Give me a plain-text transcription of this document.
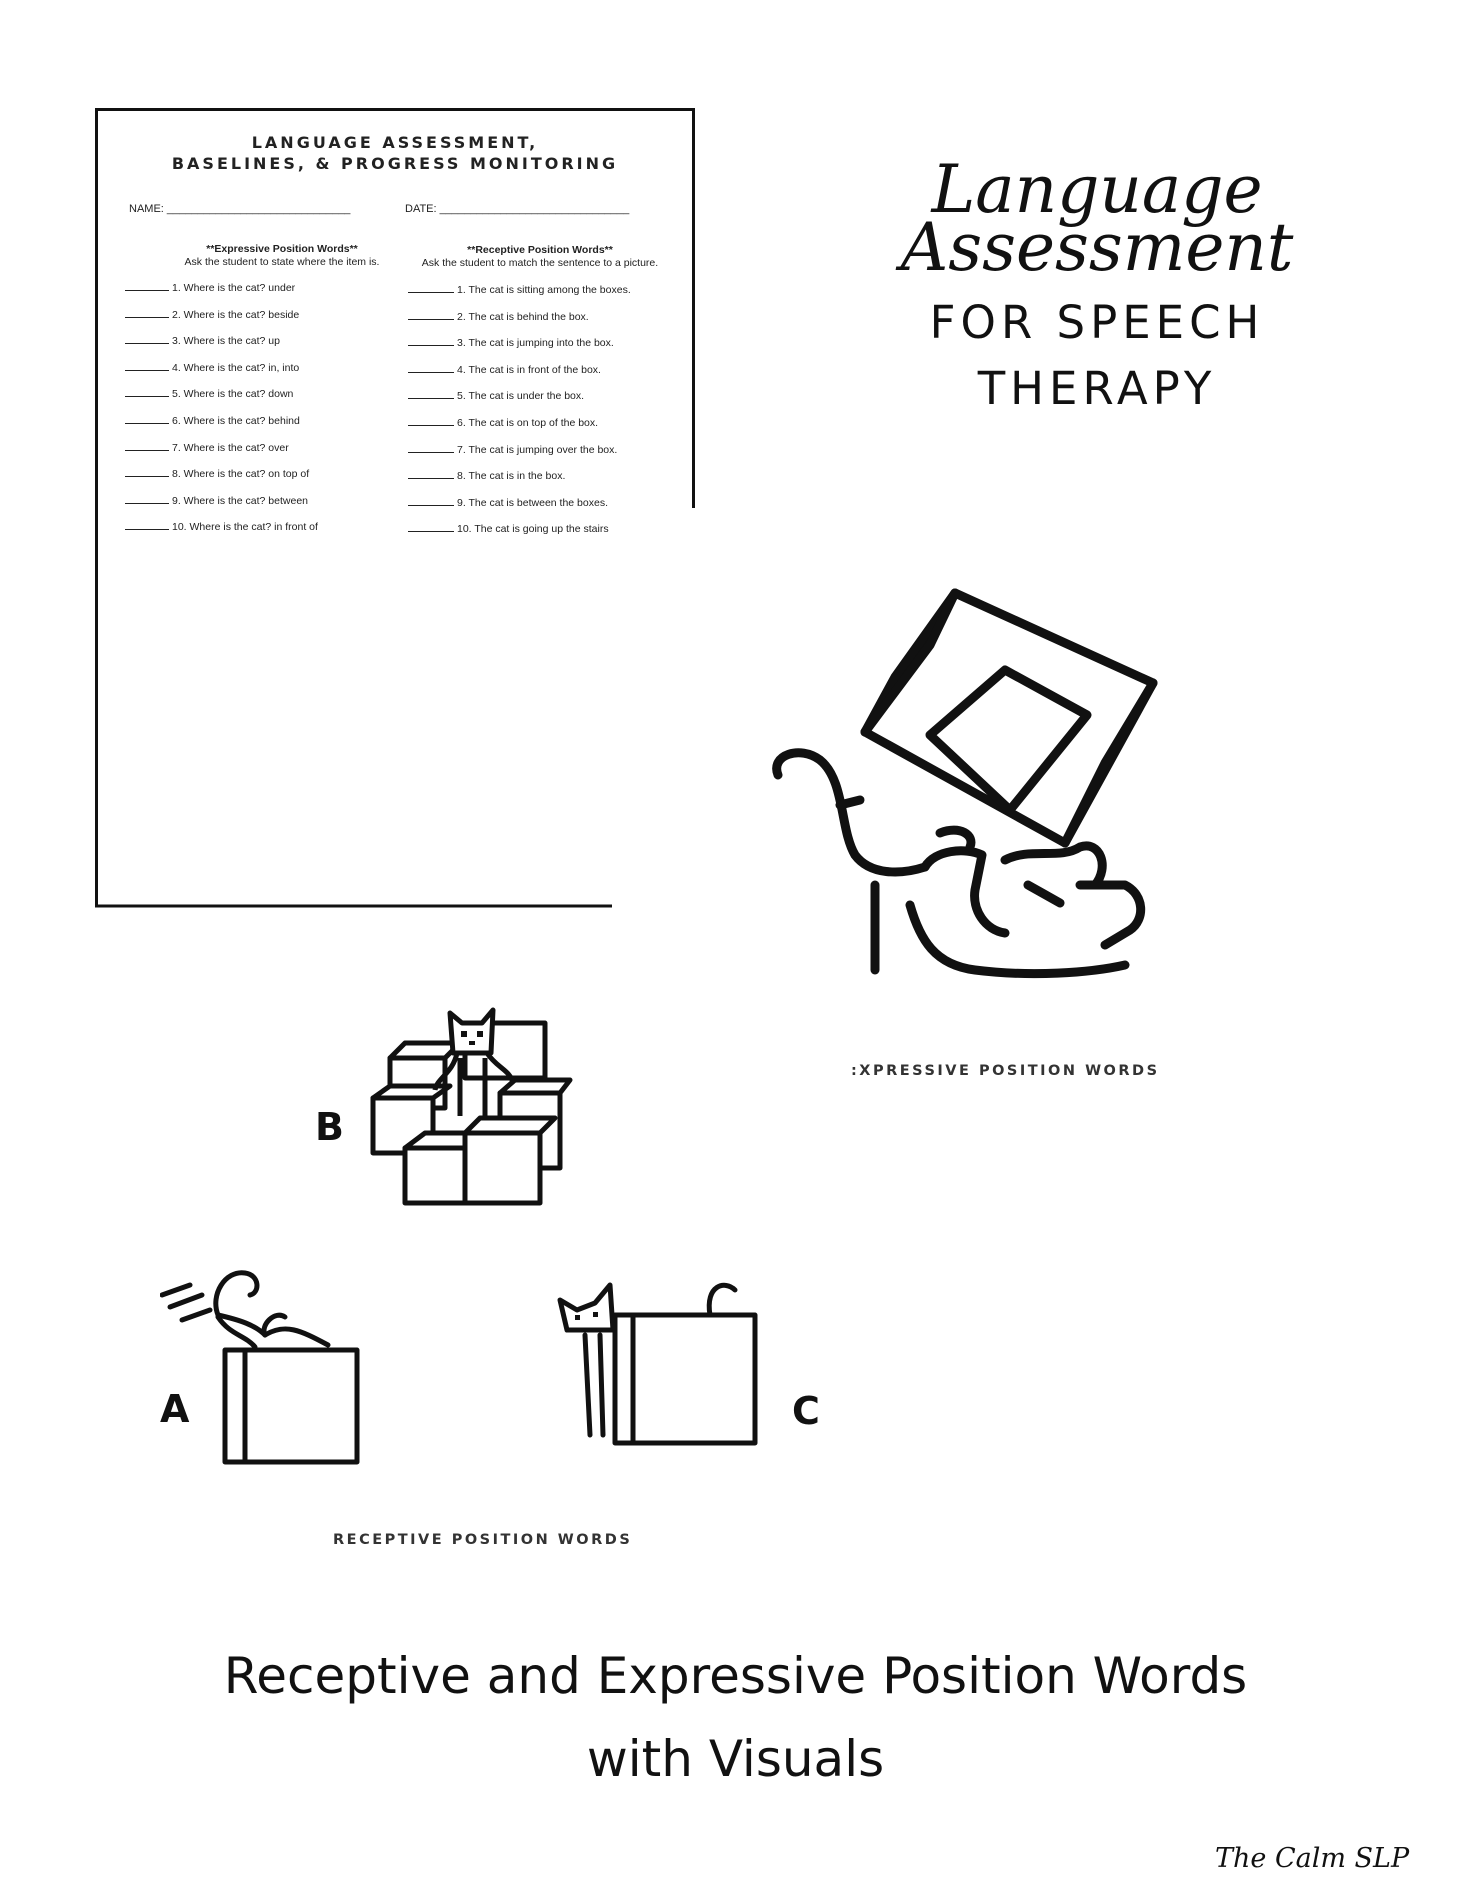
LANGUAGE ASSESSMENT,
BASELINES, & PROGRESS MONITORING
NAME: ______________________________	DATE: _______________________________
**Expressive Position Words**
Ask the student to state where the item is.
1. Where is the cat? under
2. Where is the cat? beside
3. Where is the cat? up
4. Where is the cat? in, into
5. Where is the cat? down
6. Where is the cat? behind
7. Where is the cat? over
8. Where is the cat? on top of
9. Where is the cat? between
10. Where is the cat? in front of
**Receptive Position Words**
Ask the student to match the sentence to a picture.
1. The cat is sitting among the boxes.
2. The cat is behind the box.
3. The cat is jumping into the box.
4. The cat is in front of the box.
5. The cat is under the box.
6. The cat is on top of the box.
7. The cat is jumping over the box.
8. The cat is in the box.
9. The cat is between the boxes.
10. The cat is going up the stairs
Language
Assessment
FOR SPEECH
THERAPY
:XPRESSIVE POSITION WORDS
B
A	C
RECEPTIVE POSITION WORDS
Receptive and Expressive Position Words
with Visuals
The Calm SLP
